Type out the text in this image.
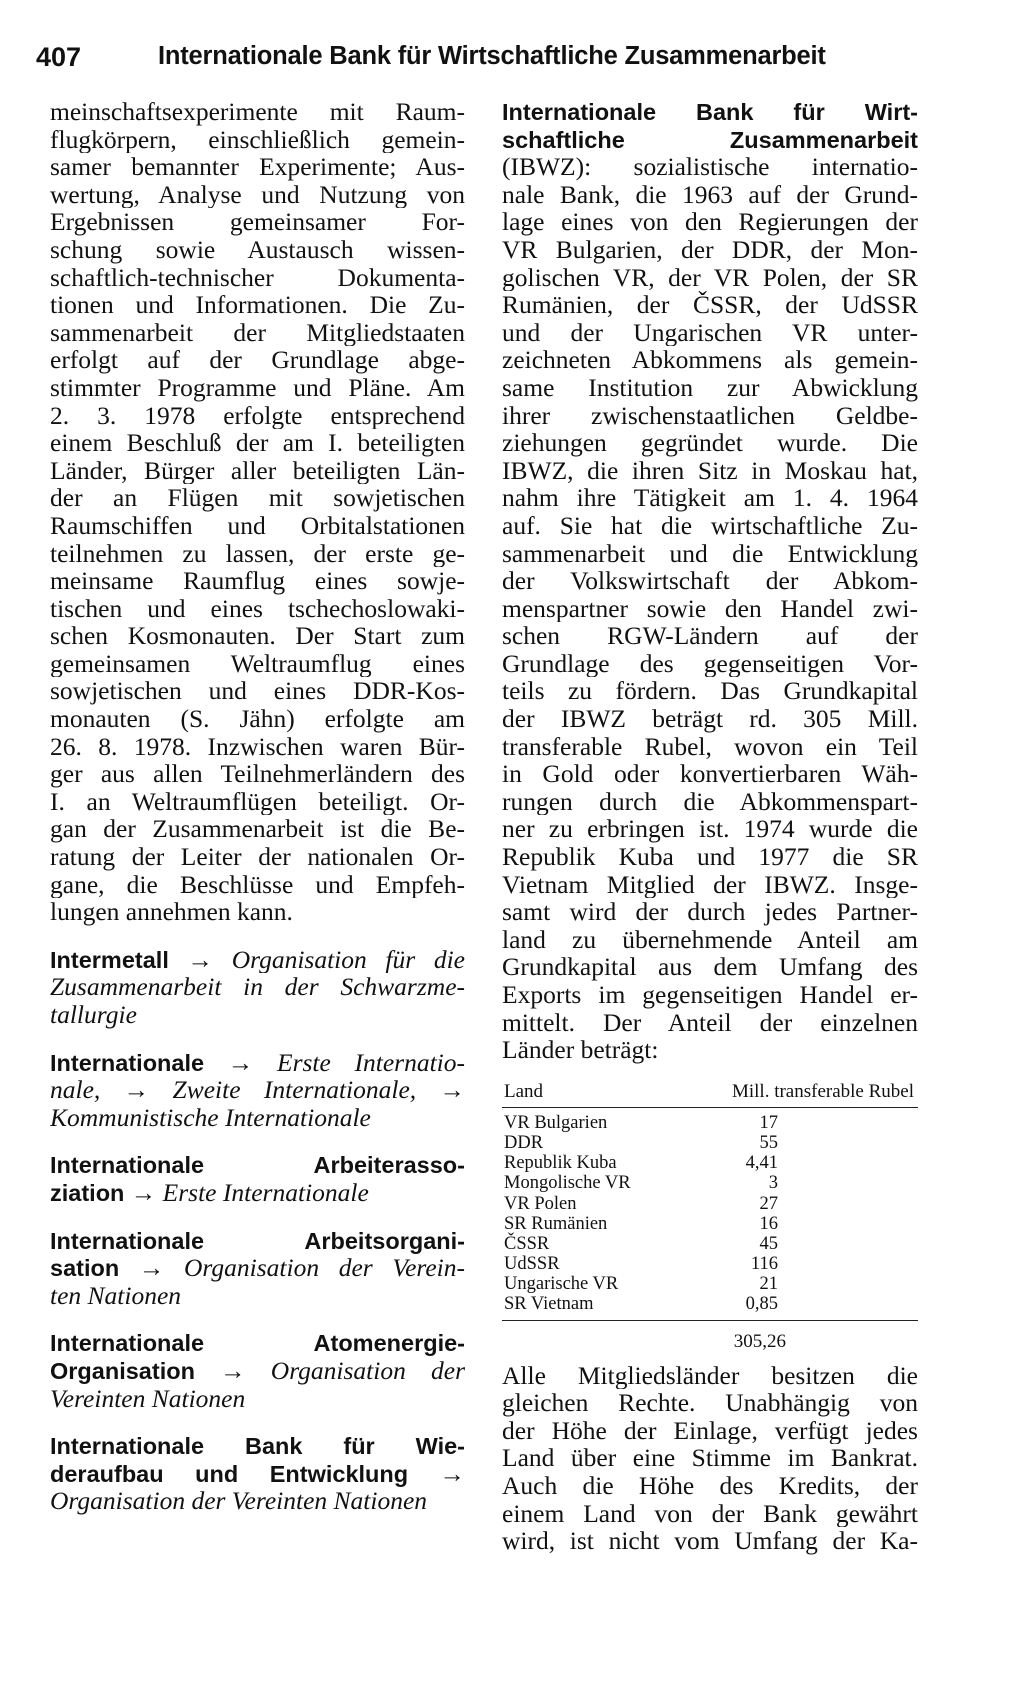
407	Internationale Bank für Wirtschaftliche Zusammenarbeit
meinschaftsexperimente mit Raum-
flugkörpern, einschließlich gemein-
samer bemannter Experimente; Aus-
wertung, Analyse und Nutzung von
Ergebnissen gemeinsamer For-
schung sowie Austausch wissen-
schaftlich-technischer Dokumenta-
tionen und Informationen. Die Zu-
sammenarbeit der Mitgliedstaaten
erfolgt auf der Grundlage abge-
stimmter Programme und Pläne. Am
2. 3. 1978 erfolgte entsprechend
einem Beschluß der am I. beteiligten
Länder, Bürger aller beteiligten Län-
der an Flügen mit sowjetischen
Raumschiffen und Orbitalstationen
teilnehmen zu lassen, der erste ge-
meinsame Raumflug eines sowje-
tischen und eines tschechoslowaki-
schen Kosmonauten. Der Start zum
gemeinsamen Weltraumflug eines
sowjetischen und eines DDR-Kos-
monauten (S. Jähn) erfolgte am
26. 8. 1978. Inzwischen waren Bür-
ger aus allen Teilnehmerländern des
I. an Weltraumflügen beteiligt. Or-
gan der Zusammenarbeit ist die Be-
ratung der Leiter der nationalen Or-
gane, die Beschlüsse und Empfeh-
lungen annehmen kann.
Intermetall → Organisation für die
Zusammenarbeit in der Schwarzme-
tallurgie
Internationale → Erste Internatio-
nale, → Zweite Internationale, →
Kommunistische Internationale
Internationale Arbeiterasso-
ziation → Erste Internationale
Internationale Arbeitsorgani-
sation → Organisation der Verein-
ten Nationen
Internationale Atomenergie-
Organisation → Organisation der
Vereinten Nationen
Internationale Bank für Wie-
deraufbau und Entwicklung →
Organisation der Vereinten Nationen
Internationale Bank für Wirt-
schaftliche Zusammenarbeit
(IBWZ): sozialistische internatio-
nale Bank, die 1963 auf der Grund-
lage eines von den Regierungen der
VR Bulgarien, der DDR, der Mon-
golischen VR, der VR Polen, der SR
Rumänien, der ČSSR, der UdSSR
und der Ungarischen VR unter-
zeichneten Abkommens als gemein-
same Institution zur Abwicklung
ihrer zwischenstaatlichen Geldbe-
ziehungen gegründet wurde. Die
IBWZ, die ihren Sitz in Moskau hat,
nahm ihre Tätigkeit am 1. 4. 1964
auf. Sie hat die wirtschaftliche Zu-
sammenarbeit und die Entwicklung
der Volkswirtschaft der Abkom-
menspartner sowie den Handel zwi-
schen RGW-Ländern auf der
Grundlage des gegenseitigen Vor-
teils zu fördern. Das Grundkapital
der IBWZ beträgt rd. 305 Mill.
transferable Rubel, wovon ein Teil
in Gold oder konvertierbaren Wäh-
rungen durch die Abkommenspart-
ner zu erbringen ist. 1974 wurde die
Republik Kuba und 1977 die SR
Vietnam Mitglied der IBWZ. Insge-
samt wird der durch jedes Partner-
land zu übernehmende Anteil am
Grundkapital aus dem Umfang des
Exports im gegenseitigen Handel er-
mittelt. Der Anteil der einzelnen
Länder beträgt:
Land	Mill. transferable Rubel
VR Bulgarien	17
DDR	55
Republik Kuba	4,41
Mongolische VR	3
VR Polen	27
SR Rumänien	16
ČSSR	45
UdSSR	116
Ungarische VR	21
SR Vietnam	0,85
305,26
Alle Mitgliedsländer besitzen die
gleichen Rechte. Unabhängig von
der Höhe der Einlage, verfügt jedes
Land über eine Stimme im Bankrat.
Auch die Höhe des Kredits, der
einem Land von der Bank gewährt
wird, ist nicht vom Umfang der Ka-
